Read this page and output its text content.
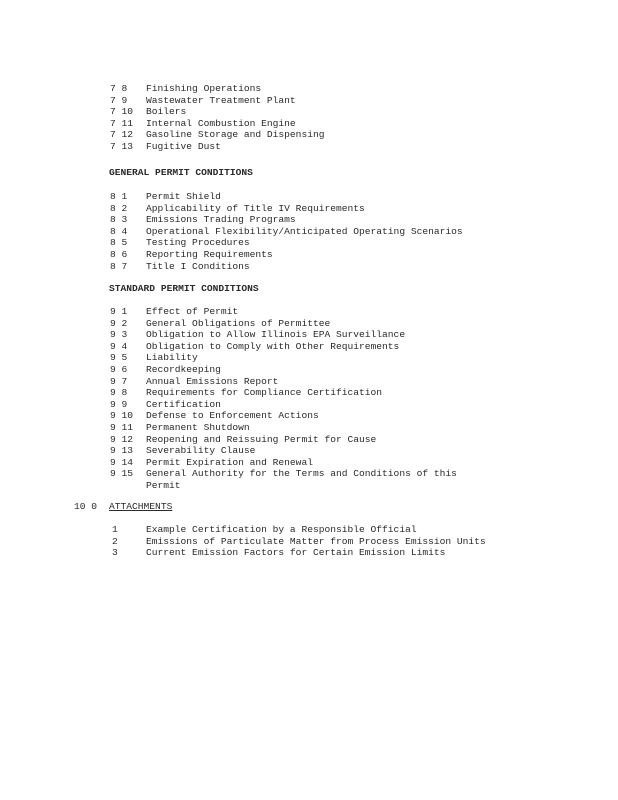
7 8 Finishing Operations
7 9 Wastewater Treatment Plant
7 10 Boilers
7 11 Internal Combustion Engine
7 12 Gasoline Storage and Dispensing
7 13 Fugitive Dust
GENERAL PERMIT CONDITIONS
8 1 Permit Shield
8 2 Applicability of Title IV Requirements
8 3 Emissions Trading Programs
8 4 Operational Flexibility/Anticipated Operating Scenarios
8 5 Testing Procedures
8 6 Reporting Requirements
8 7 Title I Conditions
STANDARD PERMIT CONDITIONS
9 1 Effect of Permit
9 2 General Obligations of Permittee
9 3 Obligation to Allow Illinois EPA Surveillance
9 4 Obligation to Comply with Other Requirements
9 5 Liability
9 6 Recordkeeping
9 7 Annual Emissions Report
9 8 Requirements for Compliance Certification
9 9 Certification
9 10 Defense to Enforcement Actions
9 11 Permanent Shutdown
9 12 Reopening and Reissuing Permit for Cause
9 13 Severability Clause
9 14 Permit Expiration and Renewal
9 15 General Authority for the Terms and Conditions of this
Permit
10 0 ATTACHMENTS
1	Example Certification by a Responsible Official
2	Emissions of Particulate Matter from Process Emission Units
3	Current Emission Factors for Certain Emission Limits
